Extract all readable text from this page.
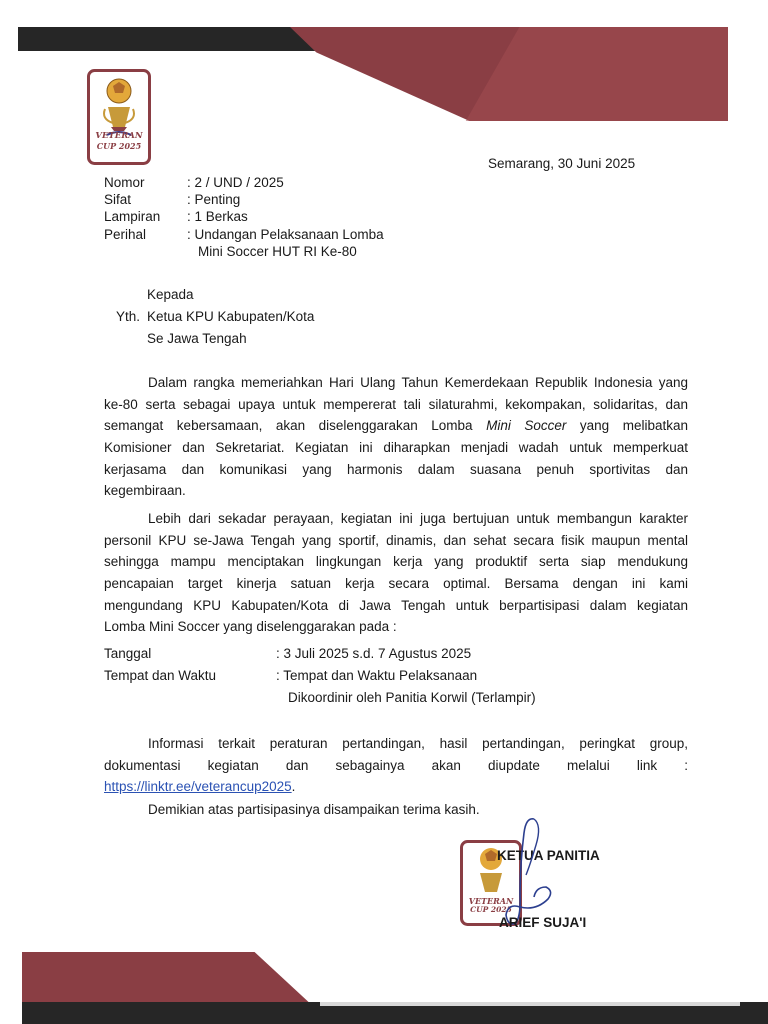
VETERAN
CUP 2025
Semarang, 30 Juni 2025
Nomor	: 2 / UND / 2025
Sifat	: Penting
Lampiran : 1 Berkas
Perihal	: Undangan Pelaksanaan Lomba
Mini Soccer HUT RI Ke-80
Kepada
Yth. Ketua KPU Kabupaten/Kota
Se Jawa Tengah
Dalam rangka memeriahkan Hari Ulang Tahun Kemerdekaan Republik Indonesia yang
ke-80 serta sebagai upaya untuk mempererat tali silaturahmi, kekompakan, solidaritas, dan
semangat kebersamaan, akan diselenggarakan Lomba Mini Soccer yang melibatkan
Komisioner dan Sekretariat. Kegiatan ini diharapkan menjadi wadah untuk memperkuat
kerjasama dan komunikasi yang harmonis dalam suasana penuh sportivitas dan
kegembiraan.
Lebih dari sekadar perayaan, kegiatan ini juga bertujuan untuk membangun karakter
personil KPU se-Jawa Tengah yang sportif, dinamis, dan sehat secara fisik maupun mental
sehingga mampu menciptakan lingkungan kerja yang produktif serta siap mendukung
pencapaian target kinerja satuan kerja secara optimal. Bersama dengan ini kami
mengundang KPU Kabupaten/Kota di Jawa Tengah untuk berpartisipasi dalam kegiatan
Lomba Mini Soccer yang diselenggarakan pada :
Tanggal	: 3 Juli 2025 s.d. 7 Agustus 2025
Tempat dan Waktu	: Tempat dan Waktu Pelaksanaan
Dikoordinir oleh Panitia Korwil (Terlampir)
Informasi terkait peraturan pertandingan, hasil pertandingan, peringkat group,
dokumentasi kegiatan dan sebagainya akan diupdate melalui link :
https://linktr.ee/veterancup2025.
Demikian atas partisipasinya disampaikan terima kasih.
VETERAN
CUP 2025
KETUA PANITIA
ARIEF SUJA'I
